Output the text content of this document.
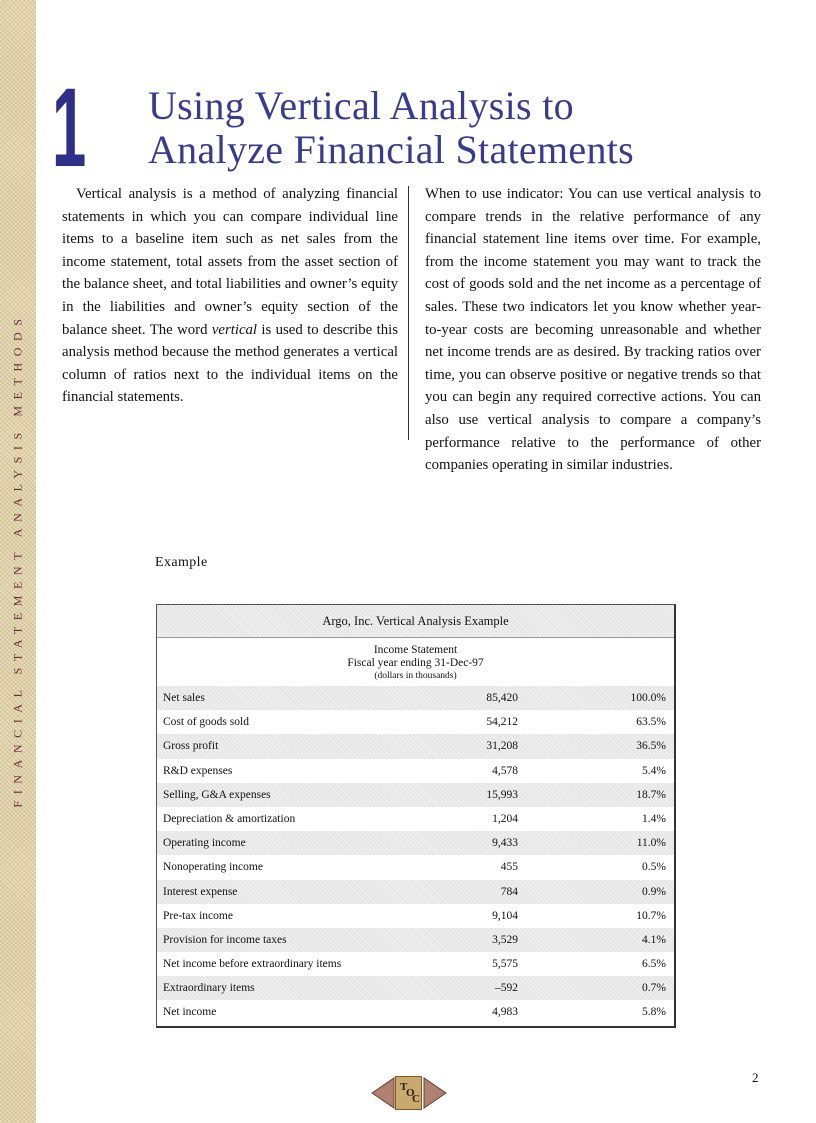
FINANCIAL STATEMENT ANALYSIS METHODS
1 Using Vertical Analysis to
Analyze Financial Statements

Vertical analysis is a method of analyzing financial statements in which you can compare individual line items to a baseline item such as net sales from the income statement, total assets from the asset section of the balance sheet, and total liabilities and owner’s equity in the liabilities and owner’s equity section of the balance sheet. The word vertical is used to describe this analysis method because the method generates a vertical column of ratios next to the individual items on the financial statements.

When to use indicator: You can use vertical analysis to compare trends in the relative performance of any financial statement line items over time. For example, from the income statement you may want to track the cost of goods sold and the net income as a percentage of sales. These two indicators let you know whether year-to-year costs are becoming unreasonable and whether net income trends are as desired. By tracking ratios over time, you can observe positive or negative trends so that you can begin any required corrective actions. You can also use vertical analysis to compare a company’s performance relative to the performance of other companies operating in similar industries.

Example
Argo, Inc. Vertical Analysis Example
Income Statement
Fiscal year ending 31-Dec-97
(dollars in thousands)
Net sales	85,420	100.0%
Cost of goods sold	54,212	63.5%
Gross profit	31,208	36.5%
R&D expenses	4,578	5.4%
Selling, G&A expenses	15,993	18.7%
Depreciation & amortization	1,204	1.4%
Operating income	9,433	11.0%
Nonoperating income	455	0.5%
Interest expense	784	0.9%
Pre-tax income	9,104	10.7%
Provision for income taxes	3,529	4.1%
Net income before extraordinary items	5,575	6.5%
Extraordinary items	–592	0.7%
Net income	4,983	5.8%
T
O
C
2
